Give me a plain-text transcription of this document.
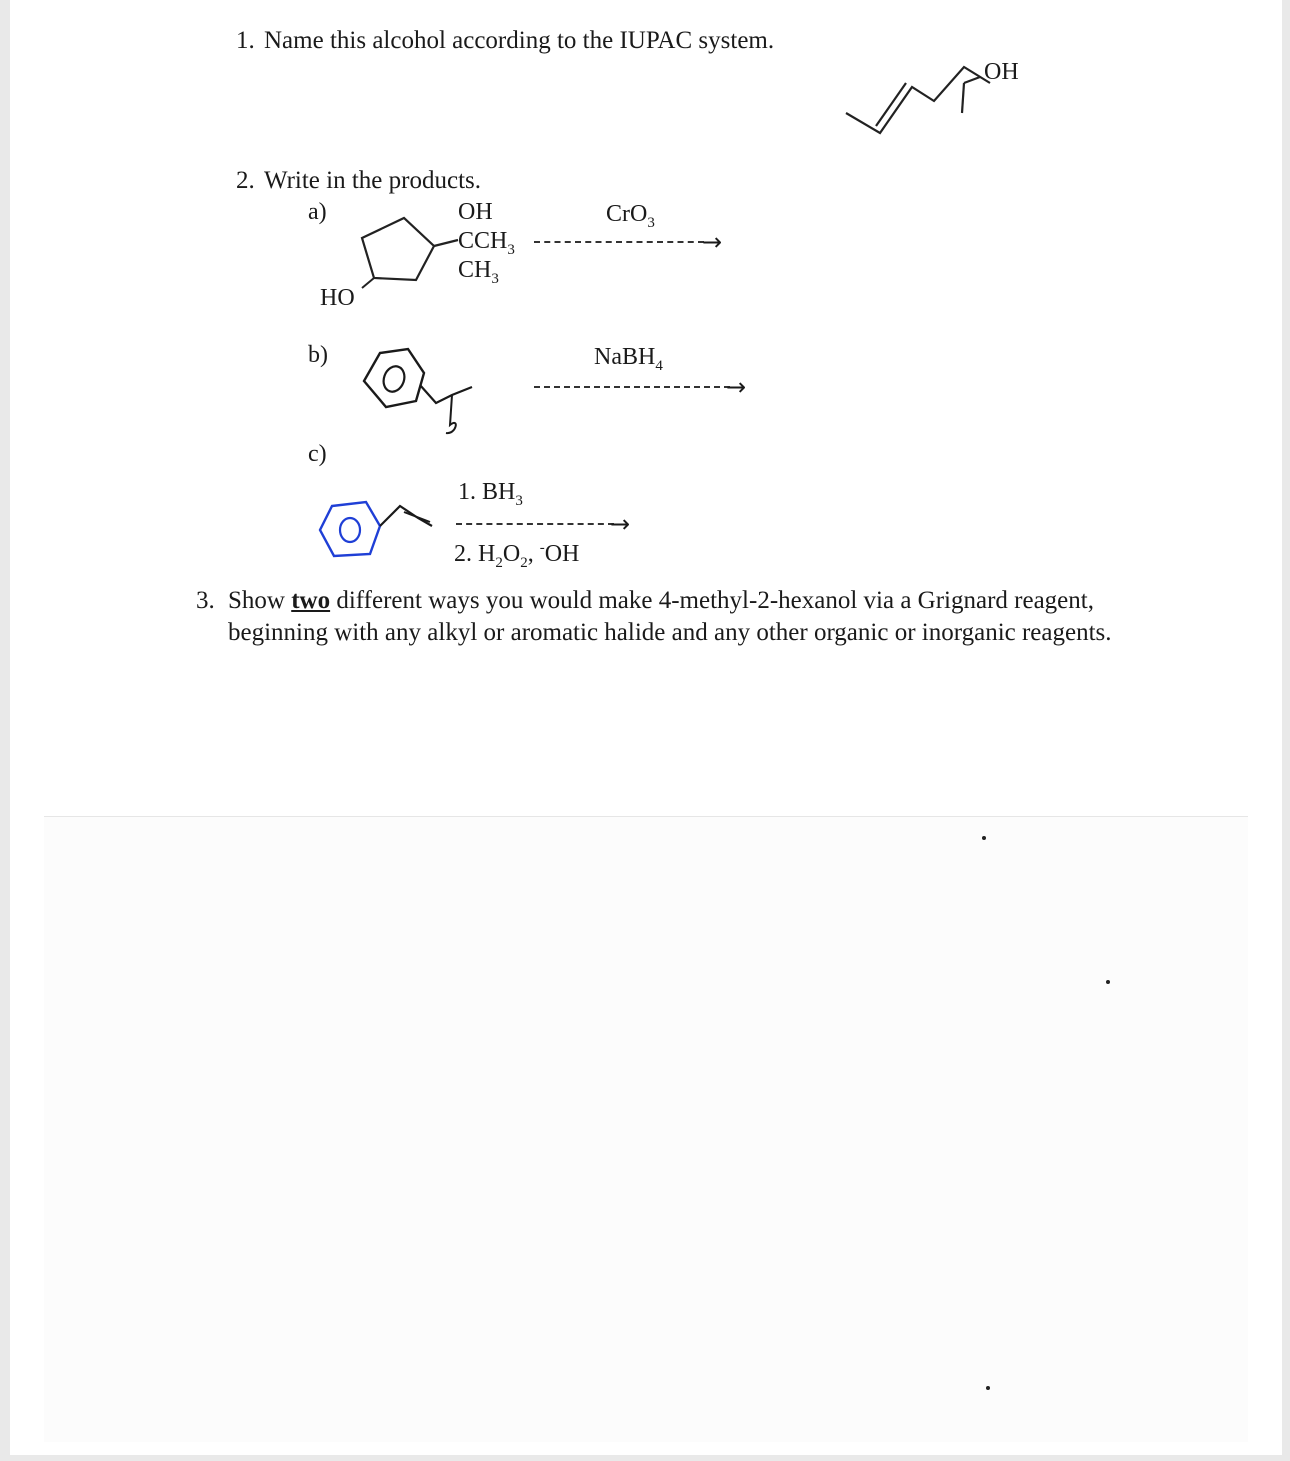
1. Name this alcohol according to the IUPAC system.
OH
2. Write in the products.
a)	OH
$CCH_3$
$CH_3$
HO
CrO$_3$
→
b)	NaBH$_4$
→
c)
1. $BH_3$
→
2. $H_2O_2$, -OH
3. Show two different ways you would make 4-methyl-2-hexanol via a Grignard reagent,
beginning with any alkyl or aromatic halide and any other organic or inorganic reagents.
